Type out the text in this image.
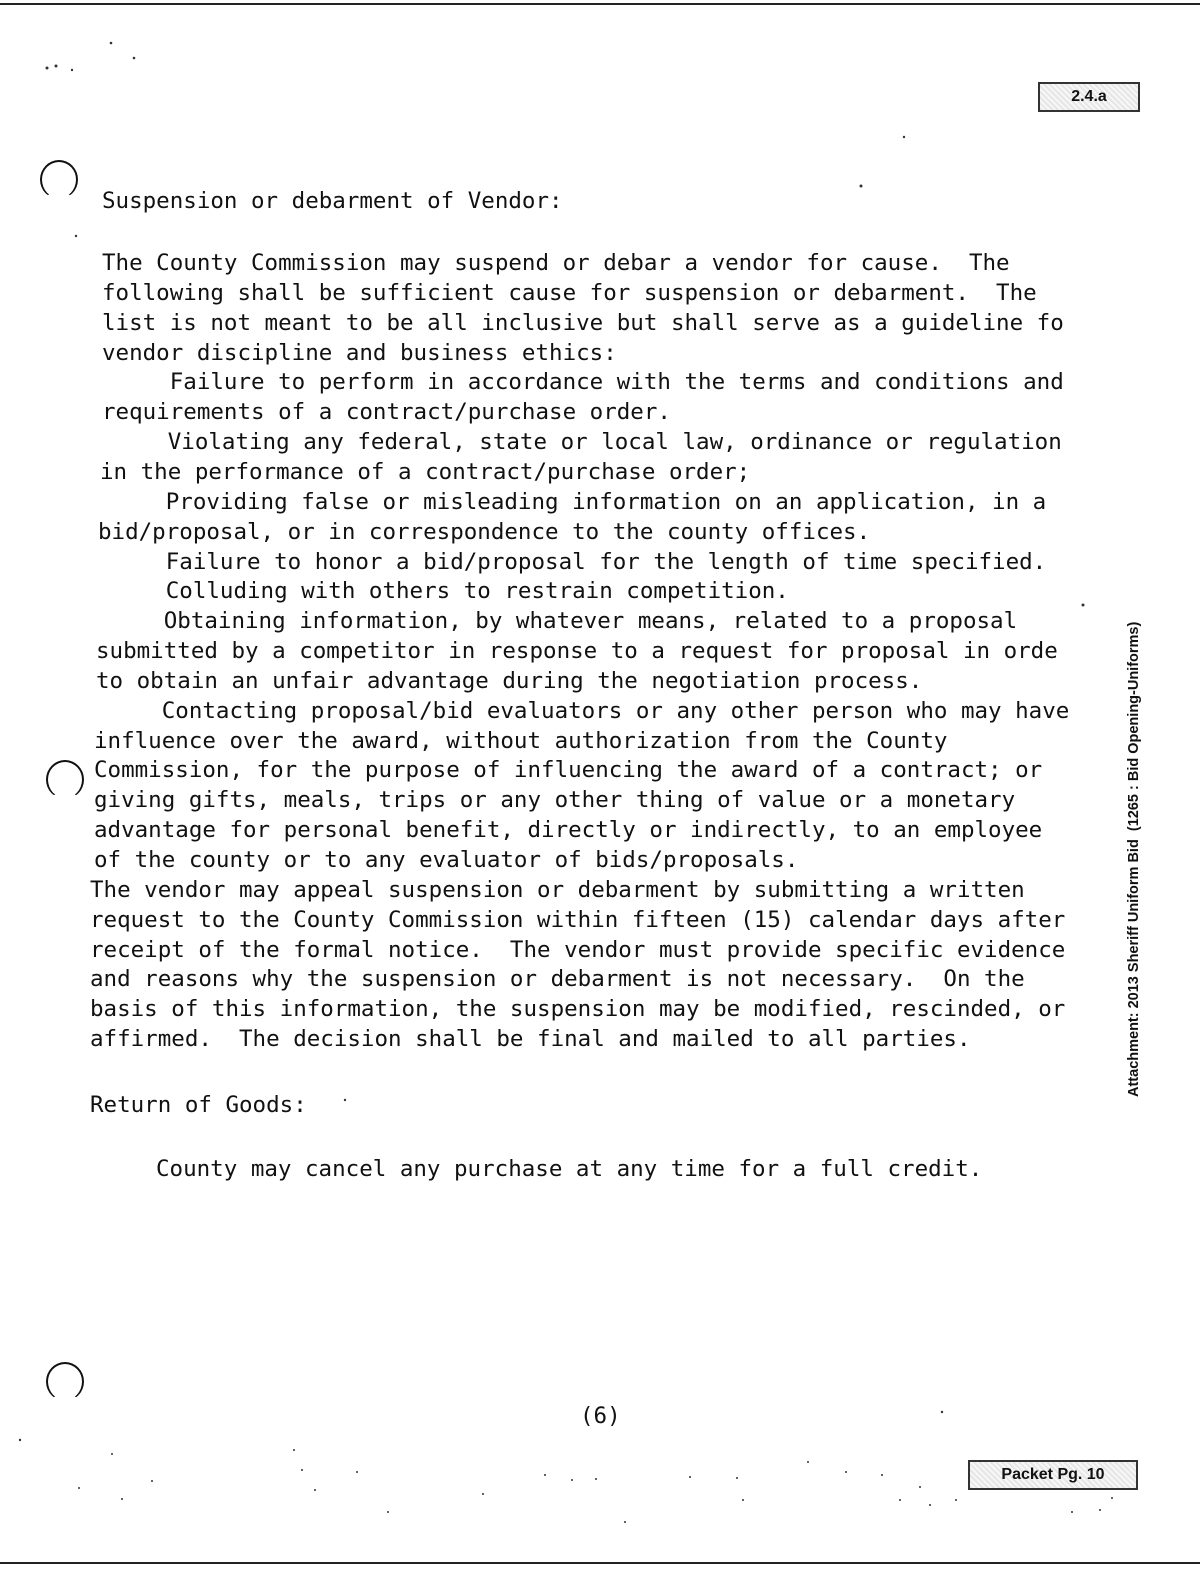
2.4.a
Suspension or debarment of Vendor:
The County Commission may suspend or debar a vendor for cause.  The
following shall be sufficient cause for suspension or debarment.  The
list is not meant to be all inclusive but shall serve as a guideline fo
vendor discipline and business ethics:
Failure to perform in accordance with the terms and conditions and
requirements of a contract/purchase order.
Violating any federal, state or local law, ordinance or regulation
in the performance of a contract/purchase order;
Providing false or misleading information on an application, in a
bid/proposal, or in correspondence to the county offices.
Failure to honor a bid/proposal for the length of time specified.
Colluding with others to restrain competition.
Obtaining information, by whatever means, related to a proposal
submitted by a competitor in response to a request for proposal in orde
to obtain an unfair advantage during the negotiation process.
Contacting proposal/bid evaluators or any other person who may have
influence over the award, without authorization from the County
Commission, for the purpose of influencing the award of a contract; or
giving gifts, meals, trips or any other thing of value or a monetary
advantage for personal benefit, directly or indirectly, to an employee
of the county or to any evaluator of bids/proposals.
The vendor may appeal suspension or debarment by submitting a written
request to the County Commission within fifteen (15) calendar days after
receipt of the formal notice.  The vendor must provide specific evidence
and reasons why the suspension or debarment is not necessary.  On the
basis of this information, the suspension may be modified, rescinded, or
affirmed.  The decision shall be final and mailed to all parties.
Return of Goods:
County may cancel any purchase at any time for a full credit.
(6)
Attachment: 2013 Sheriff Uniform Bid  (1265 : Bid Opening-Uniforms)
Packet Pg. 10
